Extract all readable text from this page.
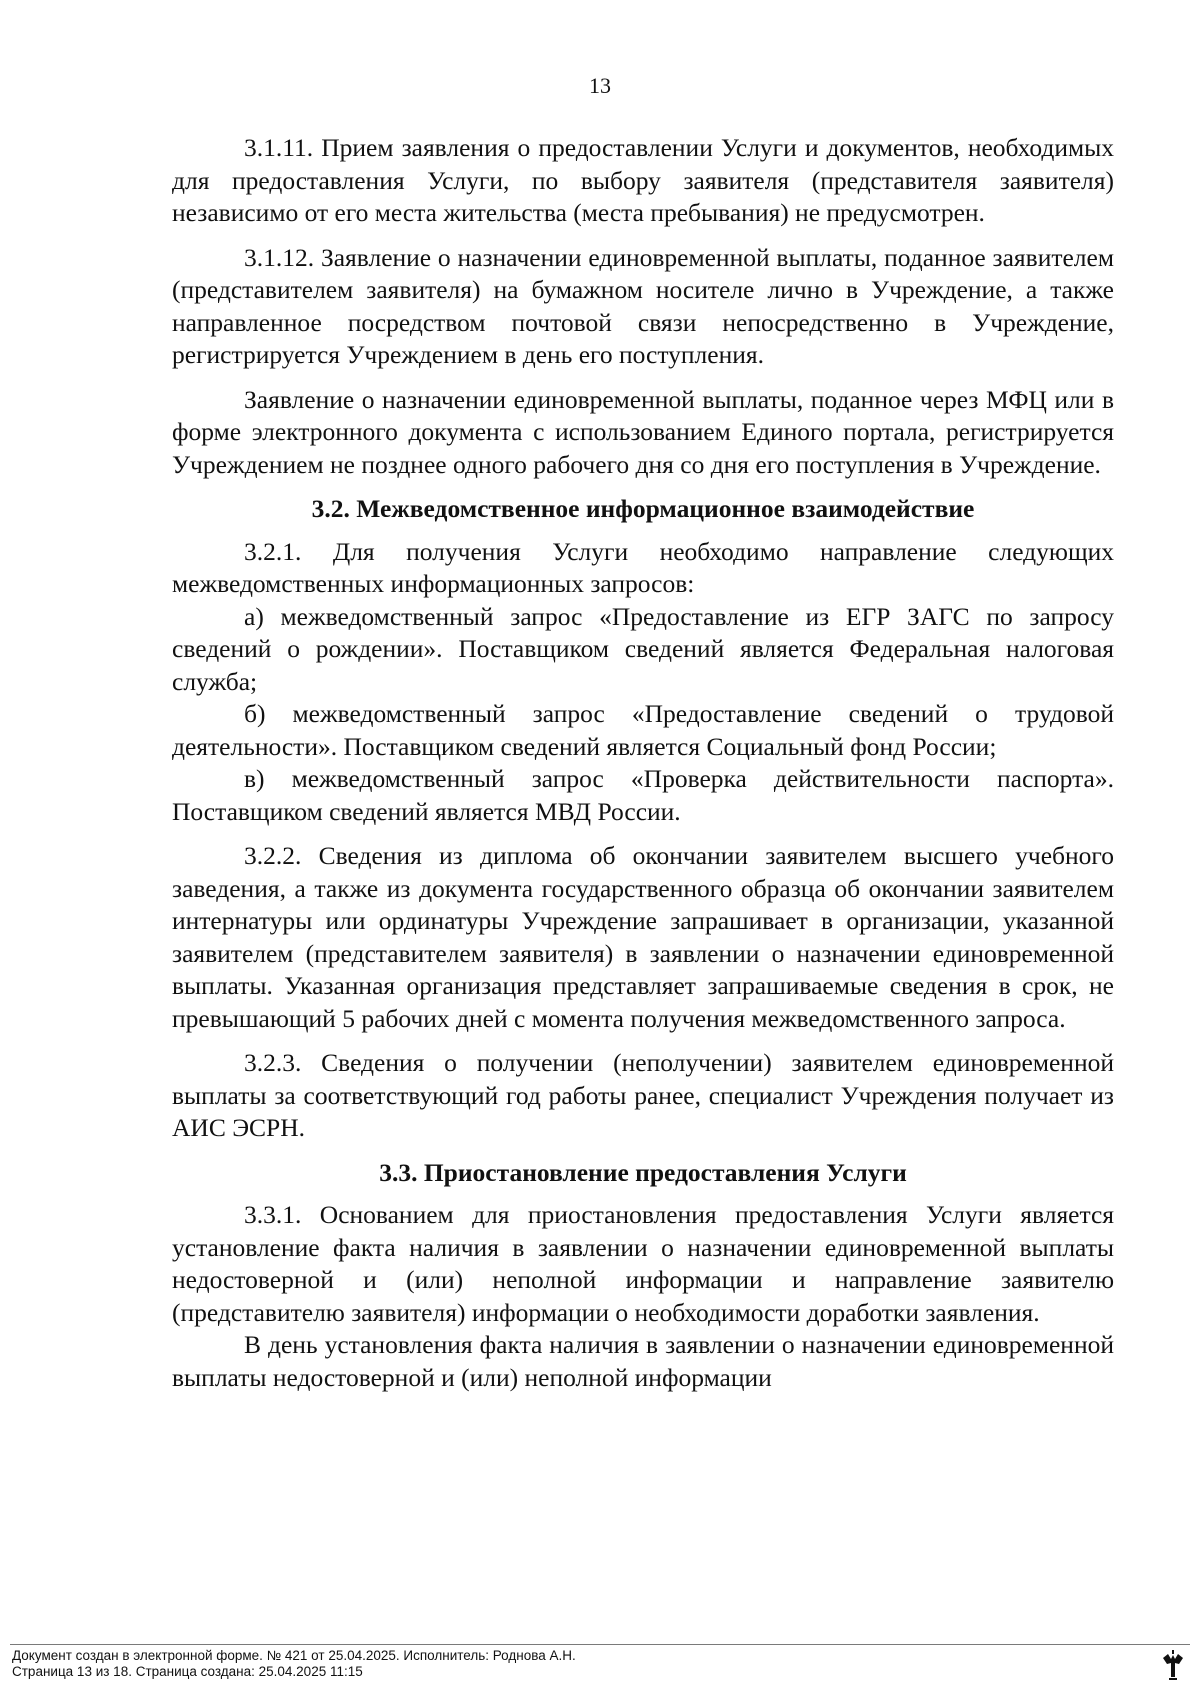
13

3.1.11. Прием заявления о предоставлении Услуги и документов, необходимых для предоставления Услуги, по выбору заявителя (представителя заявителя) независимо от его места жительства (места пребывания) не предусмотрен.

3.1.12. Заявление о назначении единовременной выплаты, поданное заявителем (представителем заявителя) на бумажном носителе лично в Учреждение, а также направленное посредством почтовой связи непосредственно в Учреждение, регистрируется Учреждением в день его поступления.

Заявление о назначении единовременной выплаты, поданное через МФЦ или в форме электронного документа с использованием Единого портала, регистрируется Учреждением не позднее одного рабочего дня со дня его поступления в Учреждение.

3.2. Межведомственное информационное взаимодействие

3.2.1. Для получения Услуги необходимо направление следующих межведомственных информационных запросов:

а) межведомственный запрос «Предоставление из ЕГР ЗАГС по запросу сведений о рождении». Поставщиком сведений является Федеральная налоговая служба;

б) межведомственный запрос «Предоставление сведений о трудовой деятельности». Поставщиком сведений является Социальный фонд России;

в) межведомственный запрос «Проверка действительности паспорта». Поставщиком сведений является МВД России.

3.2.2. Сведения из диплома об окончании заявителем высшего учебного заведения, а также из документа государственного образца об окончании заявителем интернатуры или ординатуры Учреждение запрашивает в организации, указанной заявителем (представителем заявителя) в заявлении о назначении единовременной выплаты. Указанная организация представляет запрашиваемые сведения в срок, не превышающий 5 рабочих дней с момента получения межведомственного запроса.

3.2.3. Сведения о получении (неполучении) заявителем единовременной выплаты за соответствующий год работы ранее, специалист Учреждения получает из АИС ЭСРН.

3.3. Приостановление предоставления Услуги

3.3.1. Основанием для приостановления предоставления Услуги является установление факта наличия в заявлении о назначении единовременной выплаты недостоверной и (или) неполной информации и направление заявителю (представителю заявителя) информации о необходимости доработки заявления.

В день установления факта наличия в заявлении о назначении единовременной выплаты недостоверной и (или) неполной информации

Документ создан в электронной форме. № 421 от 25.04.2025. Исполнитель: Роднова А.Н.
Страница 13 из 18. Страница создана: 25.04.2025 11:15
